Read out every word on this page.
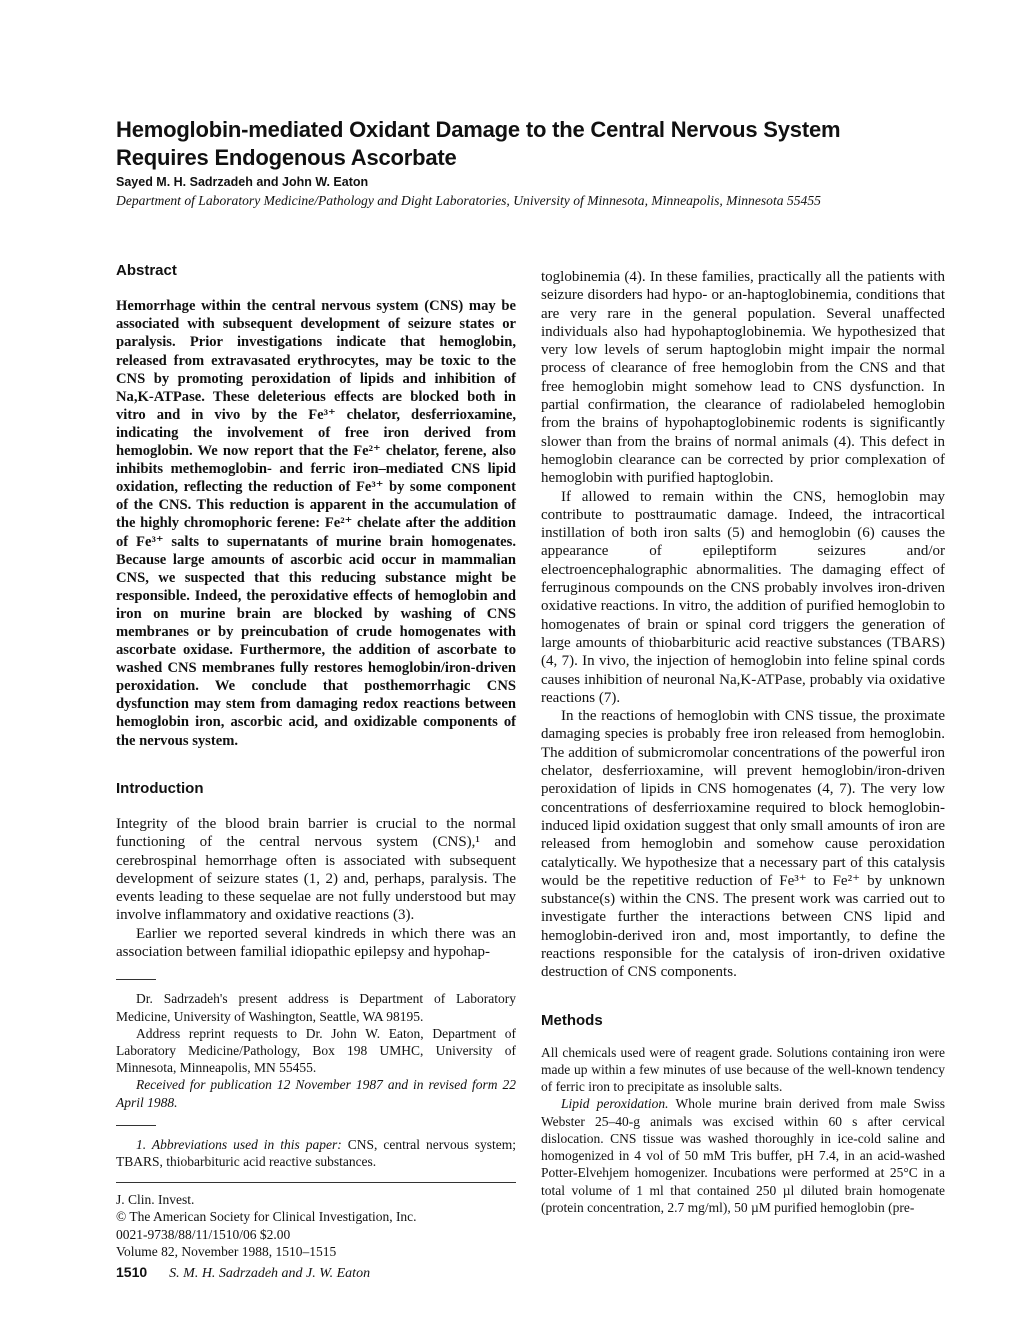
Hemoglobin-mediated Oxidant Damage to the Central Nervous System Requires Endogenous Ascorbate
Sayed M. H. Sadrzadeh and John W. Eaton
Department of Laboratory Medicine/Pathology and Dight Laboratories, University of Minnesota, Minneapolis, Minnesota 55455
Abstract

Hemorrhage within the central nervous system (CNS) may be associated with subsequent development of seizure states or paralysis. Prior investigations indicate that hemoglobin, released from extravasated erythrocytes, may be toxic to the CNS by promoting peroxidation of lipids and inhibition of Na,K-ATPase. These deleterious effects are blocked both in vitro and in vivo by the Fe³⁺ chelator, desferrioxamine, indicating the involvement of free iron derived from hemoglobin. We now report that the Fe²⁺ chelator, ferene, also inhibits methemoglobin- and ferric iron–mediated CNS lipid oxidation, reflecting the reduction of Fe³⁺ by some component of the CNS. This reduction is apparent in the accumulation of the highly chromophoric ferene: Fe²⁺ chelate after the addition of Fe³⁺ salts to supernatants of murine brain homogenates. Because large amounts of ascorbic acid occur in mammalian CNS, we suspected that this reducing substance might be responsible. Indeed, the peroxidative effects of hemoglobin and iron on murine brain are blocked by washing of CNS membranes or by preincubation of crude homogenates with ascorbate oxidase. Furthermore, the addition of ascorbate to washed CNS membranes fully restores hemoglobin/iron-driven peroxidation. We conclude that posthemorrhagic CNS dysfunction may stem from damaging redox reactions between hemoglobin iron, ascorbic acid, and oxidizable components of the nervous system.

Introduction

Integrity of the blood brain barrier is crucial to the normal functioning of the central nervous system (CNS),¹ and cerebrospinal hemorrhage often is associated with subsequent development of seizure states (1, 2) and, perhaps, paralysis. The events leading to these sequelae are not fully understood but may involve inflammatory and oxidative reactions (3).

Earlier we reported several kindreds in which there was an association between familial idiopathic epilepsy and hypohap-

Dr. Sadrzadeh's present address is Department of Laboratory Medicine, University of Washington, Seattle, WA 98195.

Address reprint requests to Dr. John W. Eaton, Department of Laboratory Medicine/Pathology, Box 198 UMHC, University of Minnesota, Minneapolis, MN 55455.

Received for publication 12 November 1987 and in revised form 22 April 1988.

1. Abbreviations used in this paper: CNS, central nervous system; TBARS, thiobarbituric acid reactive substances.

J. Clin. Invest.
© The American Society for Clinical Investigation, Inc.
0021-9738/88/11/1510/06 $2.00
Volume 82, November 1988, 1510–1515

toglobinemia (4). In these families, practically all the patients with seizure disorders had hypo- or an-haptoglobinemia, conditions that are very rare in the general population. Several unaffected individuals also had hypohaptoglobinemia. We hypothesized that very low levels of serum haptoglobin might impair the normal process of clearance of free hemoglobin from the CNS and that free hemoglobin might somehow lead to CNS dysfunction. In partial confirmation, the clearance of radiolabeled hemoglobin from the brains of hypohaptoglobinemic rodents is significantly slower than from the brains of normal animals (4). This defect in hemoglobin clearance can be corrected by prior complexation of hemoglobin with purified haptoglobin.

If allowed to remain within the CNS, hemoglobin may contribute to posttraumatic damage. Indeed, the intracortical instillation of both iron salts (5) and hemoglobin (6) causes the appearance of epileptiform seizures and/or electroencephalographic abnormalities. The damaging effect of ferruginous compounds on the CNS probably involves iron-driven oxidative reactions. In vitro, the addition of purified hemoglobin to homogenates of brain or spinal cord triggers the generation of large amounts of thiobarbituric acid reactive substances (TBARS) (4, 7). In vivo, the injection of hemoglobin into feline spinal cords causes inhibition of neuronal Na,K-ATPase, probably via oxidative reactions (7).

In the reactions of hemoglobin with CNS tissue, the proximate damaging species is probably free iron released from hemoglobin. The addition of submicromolar concentrations of the powerful iron chelator, desferrioxamine, will prevent hemoglobin/iron-driven peroxidation of lipids in CNS homogenates (4, 7). The very low concentrations of desferrioxamine required to block hemoglobin-induced lipid oxidation suggest that only small amounts of iron are released from hemoglobin and somehow cause peroxidation catalytically. We hypothesize that a necessary part of this catalysis would be the repetitive reduction of Fe³⁺ to Fe²⁺ by unknown substance(s) within the CNS. The present work was carried out to investigate further the interactions between CNS lipid and hemoglobin-derived iron and, most importantly, to define the reactions responsible for the catalysis of iron-driven oxidative destruction of CNS components.

Methods

All chemicals used were of reagent grade. Solutions containing iron were made up within a few minutes of use because of the well-known tendency of ferric iron to precipitate as insoluble salts.

Lipid peroxidation. Whole murine brain derived from male Swiss Webster 25–40-g animals was excised within 60 s after cervical dislocation. CNS tissue was washed thoroughly in ice-cold saline and homogenized in 4 vol of 50 mM Tris buffer, pH 7.4, in an acid-washed Potter-Elvehjem homogenizer. Incubations were performed at 25°C in a total volume of 1 ml that contained 250 µl diluted brain homogenate (protein concentration, 2.7 mg/ml), 50 µM purified hemoglobin (pre-

1510 S. M. H. Sadrzadeh and J. W. Eaton
